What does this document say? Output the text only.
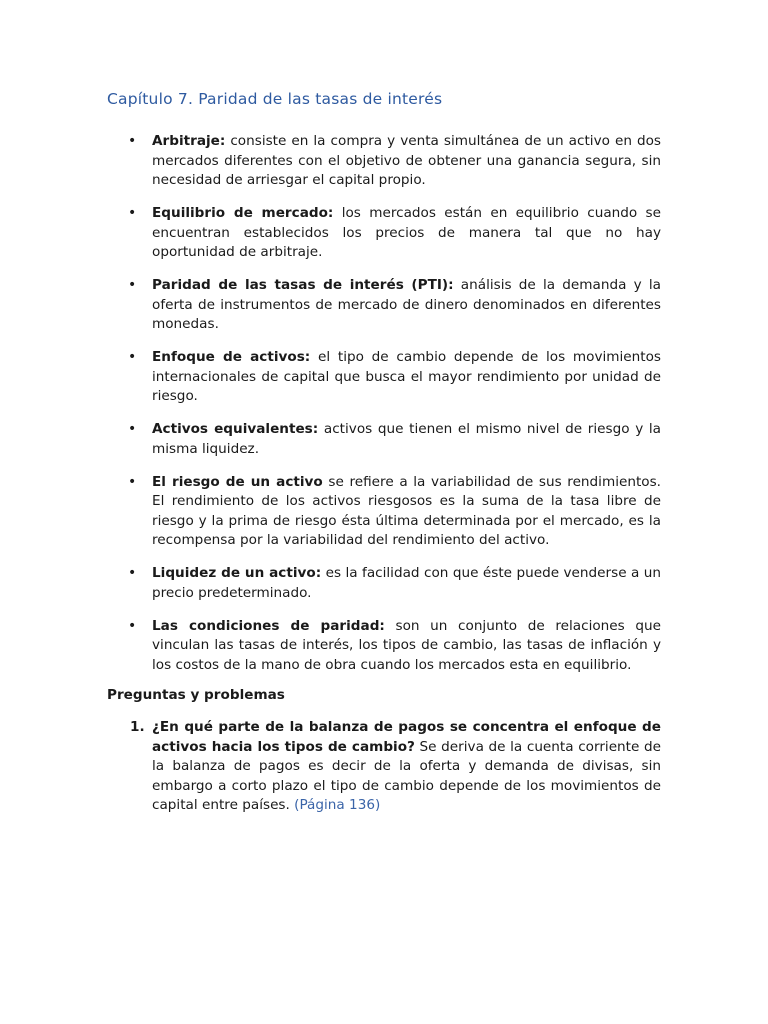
Capítulo 7. Paridad de las tasas de interés
• Arbitraje: consiste en la compra y venta simultánea de un activo en dos mercados diferentes con el objetivo de obtener una ganancia segura, sin necesidad de arriesgar el capital propio.
• Equilibrio de mercado: los mercados están en equilibrio cuando se encuentran establecidos los precios de manera tal que no hay oportunidad de arbitraje.
• Paridad de las tasas de interés (PTI): análisis de la demanda y la oferta de instrumentos de mercado de dinero denominados en diferentes monedas.
• Enfoque de activos: el tipo de cambio depende de los movimientos internacionales de capital que busca el mayor rendimiento por unidad de riesgo.
• Activos equivalentes: activos que tienen el mismo nivel de riesgo y la misma liquidez.
• El riesgo de un activo se refiere a la variabilidad de sus rendimientos. El rendimiento de los activos riesgosos es la suma de la tasa libre de riesgo y la prima de riesgo ésta última determinada por el mercado, es la recompensa por la variabilidad del rendimiento del activo.
• Liquidez de un activo: es la facilidad con que éste puede venderse a un precio predeterminado.
• Las condiciones de paridad: son un conjunto de relaciones que vinculan las tasas de interés, los tipos de cambio, las tasas de inflación y los costos de la mano de obra cuando los mercados esta en equilibrio.
Preguntas y problemas
1. ¿En qué parte de la balanza de pagos se concentra el enfoque de activos hacia los tipos de cambio? Se deriva de la cuenta corriente de la balanza de pagos es decir de la oferta y demanda de divisas, sin embargo a corto plazo el tipo de cambio depende de los movimientos de capital entre países. (Página 136)
